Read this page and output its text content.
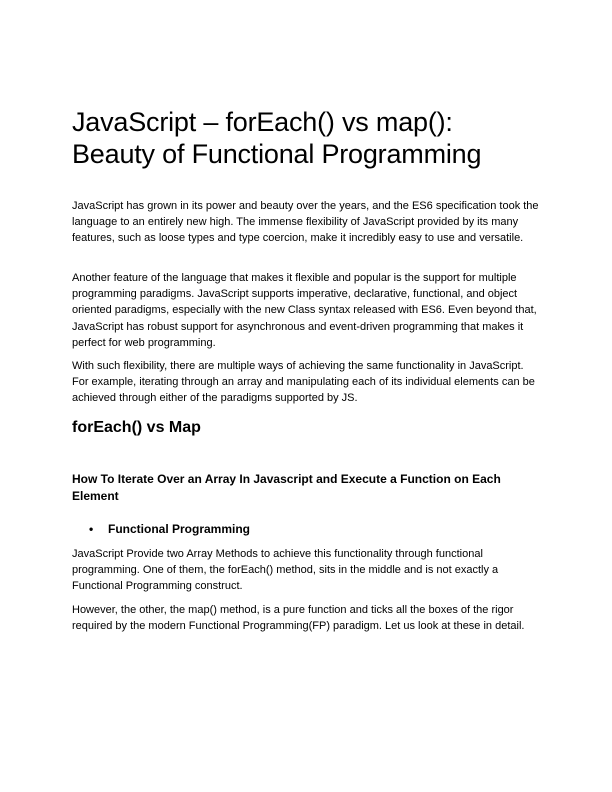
JavaScript – forEach() vs map():
Beauty of Functional Programming

JavaScript has grown in its power and beauty over the years, and the ES6 specification took the language to an entirely new high. The immense flexibility of JavaScript provided by its many features, such as loose types and type coercion, make it incredibly easy to use and versatile.

Another feature of the language that makes it flexible and popular is the support for multiple programming paradigms. JavaScript supports imperative, declarative, functional, and object oriented paradigms, especially with the new Class syntax released with ES6. Even beyond that, JavaScript has robust support for asynchronous and event-driven programming that makes it perfect for web programming.

With such flexibility, there are multiple ways of achieving the same functionality in JavaScript. For example, iterating through an array and manipulating each of its individual elements can be achieved through either of the paradigms supported by JS.

forEach() vs Map
How To Iterate Over an Array In Javascript and Execute a Function on Each Element
•	Functional Programming

JavaScript Provide two Array Methods to achieve this functionality through functional programming. One of them, the forEach() method, sits in the middle and is not exactly a Functional Programming construct.

However, the other, the map() method, is a pure function and ticks all the boxes of the rigor required by the modern Functional Programming(FP) paradigm. Let us look at these in detail.
